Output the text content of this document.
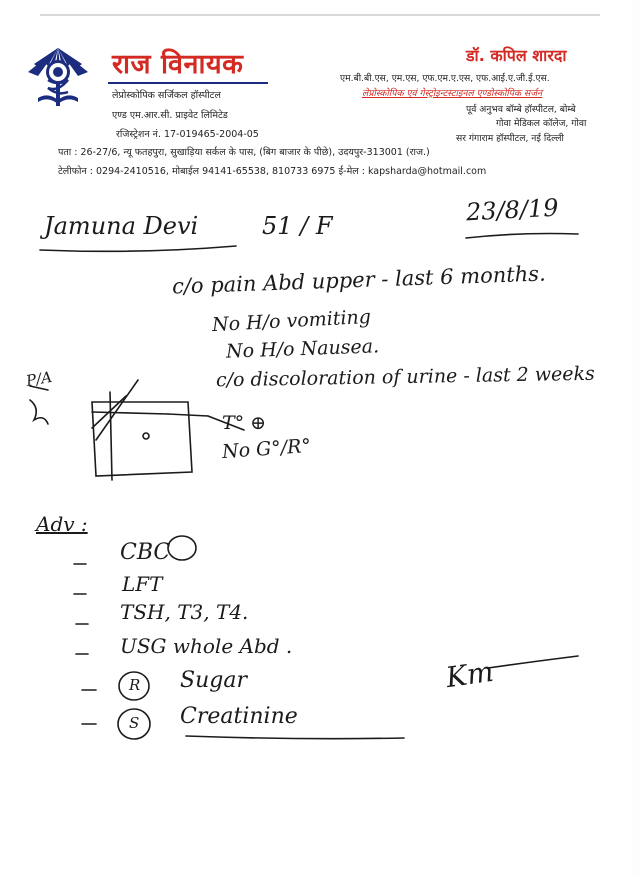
राज विनायक
लेप्रोस्कोपिक सर्जिकल हॉस्पीटल
एण्ड एम.आर.सी. प्राइवेट लिमिटेड
रजिस्ट्रेशन नं. 17-019465-2004-05
डॉ. कपिल शारदा
एम.बी.बी.एस, एम.एस, एफ.एम.ए.एस, एफ.आई.ए.जी.ई.एस.
लेप्रोस्कोपिक एवं गेस्ट्रोइन्टस्टाइनल एण्डोस्कोपिक सर्जन
पूर्व अनुभव बॉम्बे हॉस्पीटल, बोम्बे
गोवा मेडिकल कॉलेज, गोवा
सर गंगाराम हॉस्पीटल, नई दिल्ली
पता : 26-27/6, न्यू फतहपुरा, सुखाड़िया सर्कल के पास, (बिग बाजार के पीछे), उदयपुर-313001 (राज.)
टेलीफोन : 0294-2410516, मोबाईल 94141-65538, 810733 6975 ई-मेल : kapsharda@hotmail.com
23/8/19
Jamuna Devi	51 / F
c/o pain Abd upper - last 6 months.
No H/o vomiting
No H/o Nausea.
c/o discoloration of urine - last 2 weeks
P/A
T° ⊕
No G°/R°
Adv :
CBC
LFT
TSH, T3, T4.
USG whole Abd .
Sugar
Creatinine
R
S
Km
